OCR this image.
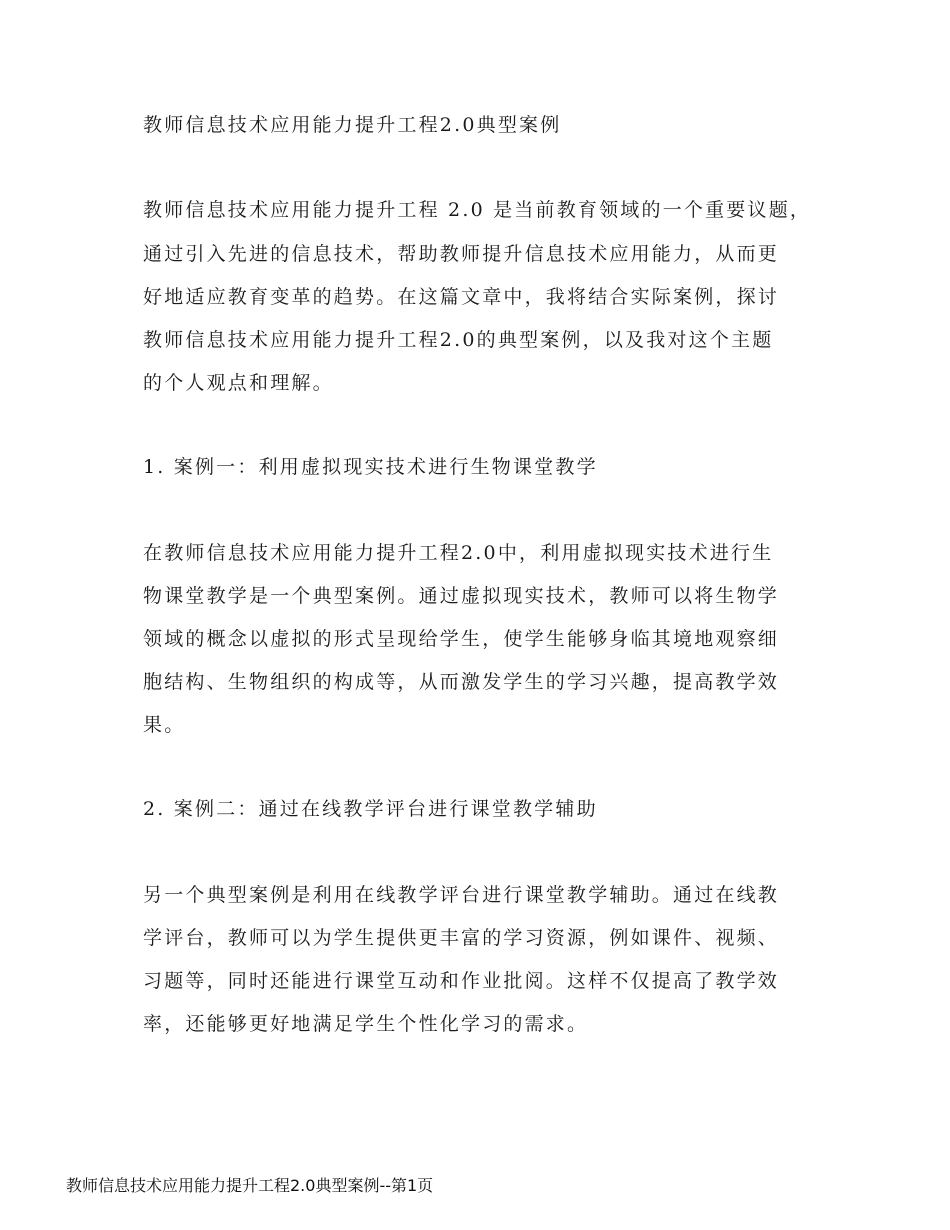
教师信息技术应用能力提升工程2.0典型案例
教师信息技术应用能力提升工程 2.0 是当前教育领域的一个重要议题，
通过引入先进的信息技术，帮助教师提升信息技术应用能力，从而更
好地适应教育变革的趋势。在这篇文章中，我将结合实际案例，探讨
教师信息技术应用能力提升工程2.0的典型案例，以及我对这个主题
的个人观点和理解。
1. 案例一：利用虚拟现实技术进行生物课堂教学
在教师信息技术应用能力提升工程2.0中，利用虚拟现实技术进行生
物课堂教学是一个典型案例。通过虚拟现实技术，教师可以将生物学
领域的概念以虚拟的形式呈现给学生，使学生能够身临其境地观察细
胞结构、生物组织的构成等，从而激发学生的学习兴趣，提高教学效
果。
2. 案例二：通过在线教学评台进行课堂教学辅助
另一个典型案例是利用在线教学评台进行课堂教学辅助。通过在线教
学评台，教师可以为学生提供更丰富的学习资源，例如课件、视频、
习题等，同时还能进行课堂互动和作业批阅。这样不仅提高了教学效
率，还能够更好地满足学生个性化学习的需求。
教师信息技术应用能力提升工程2.0典型案例--第1页
